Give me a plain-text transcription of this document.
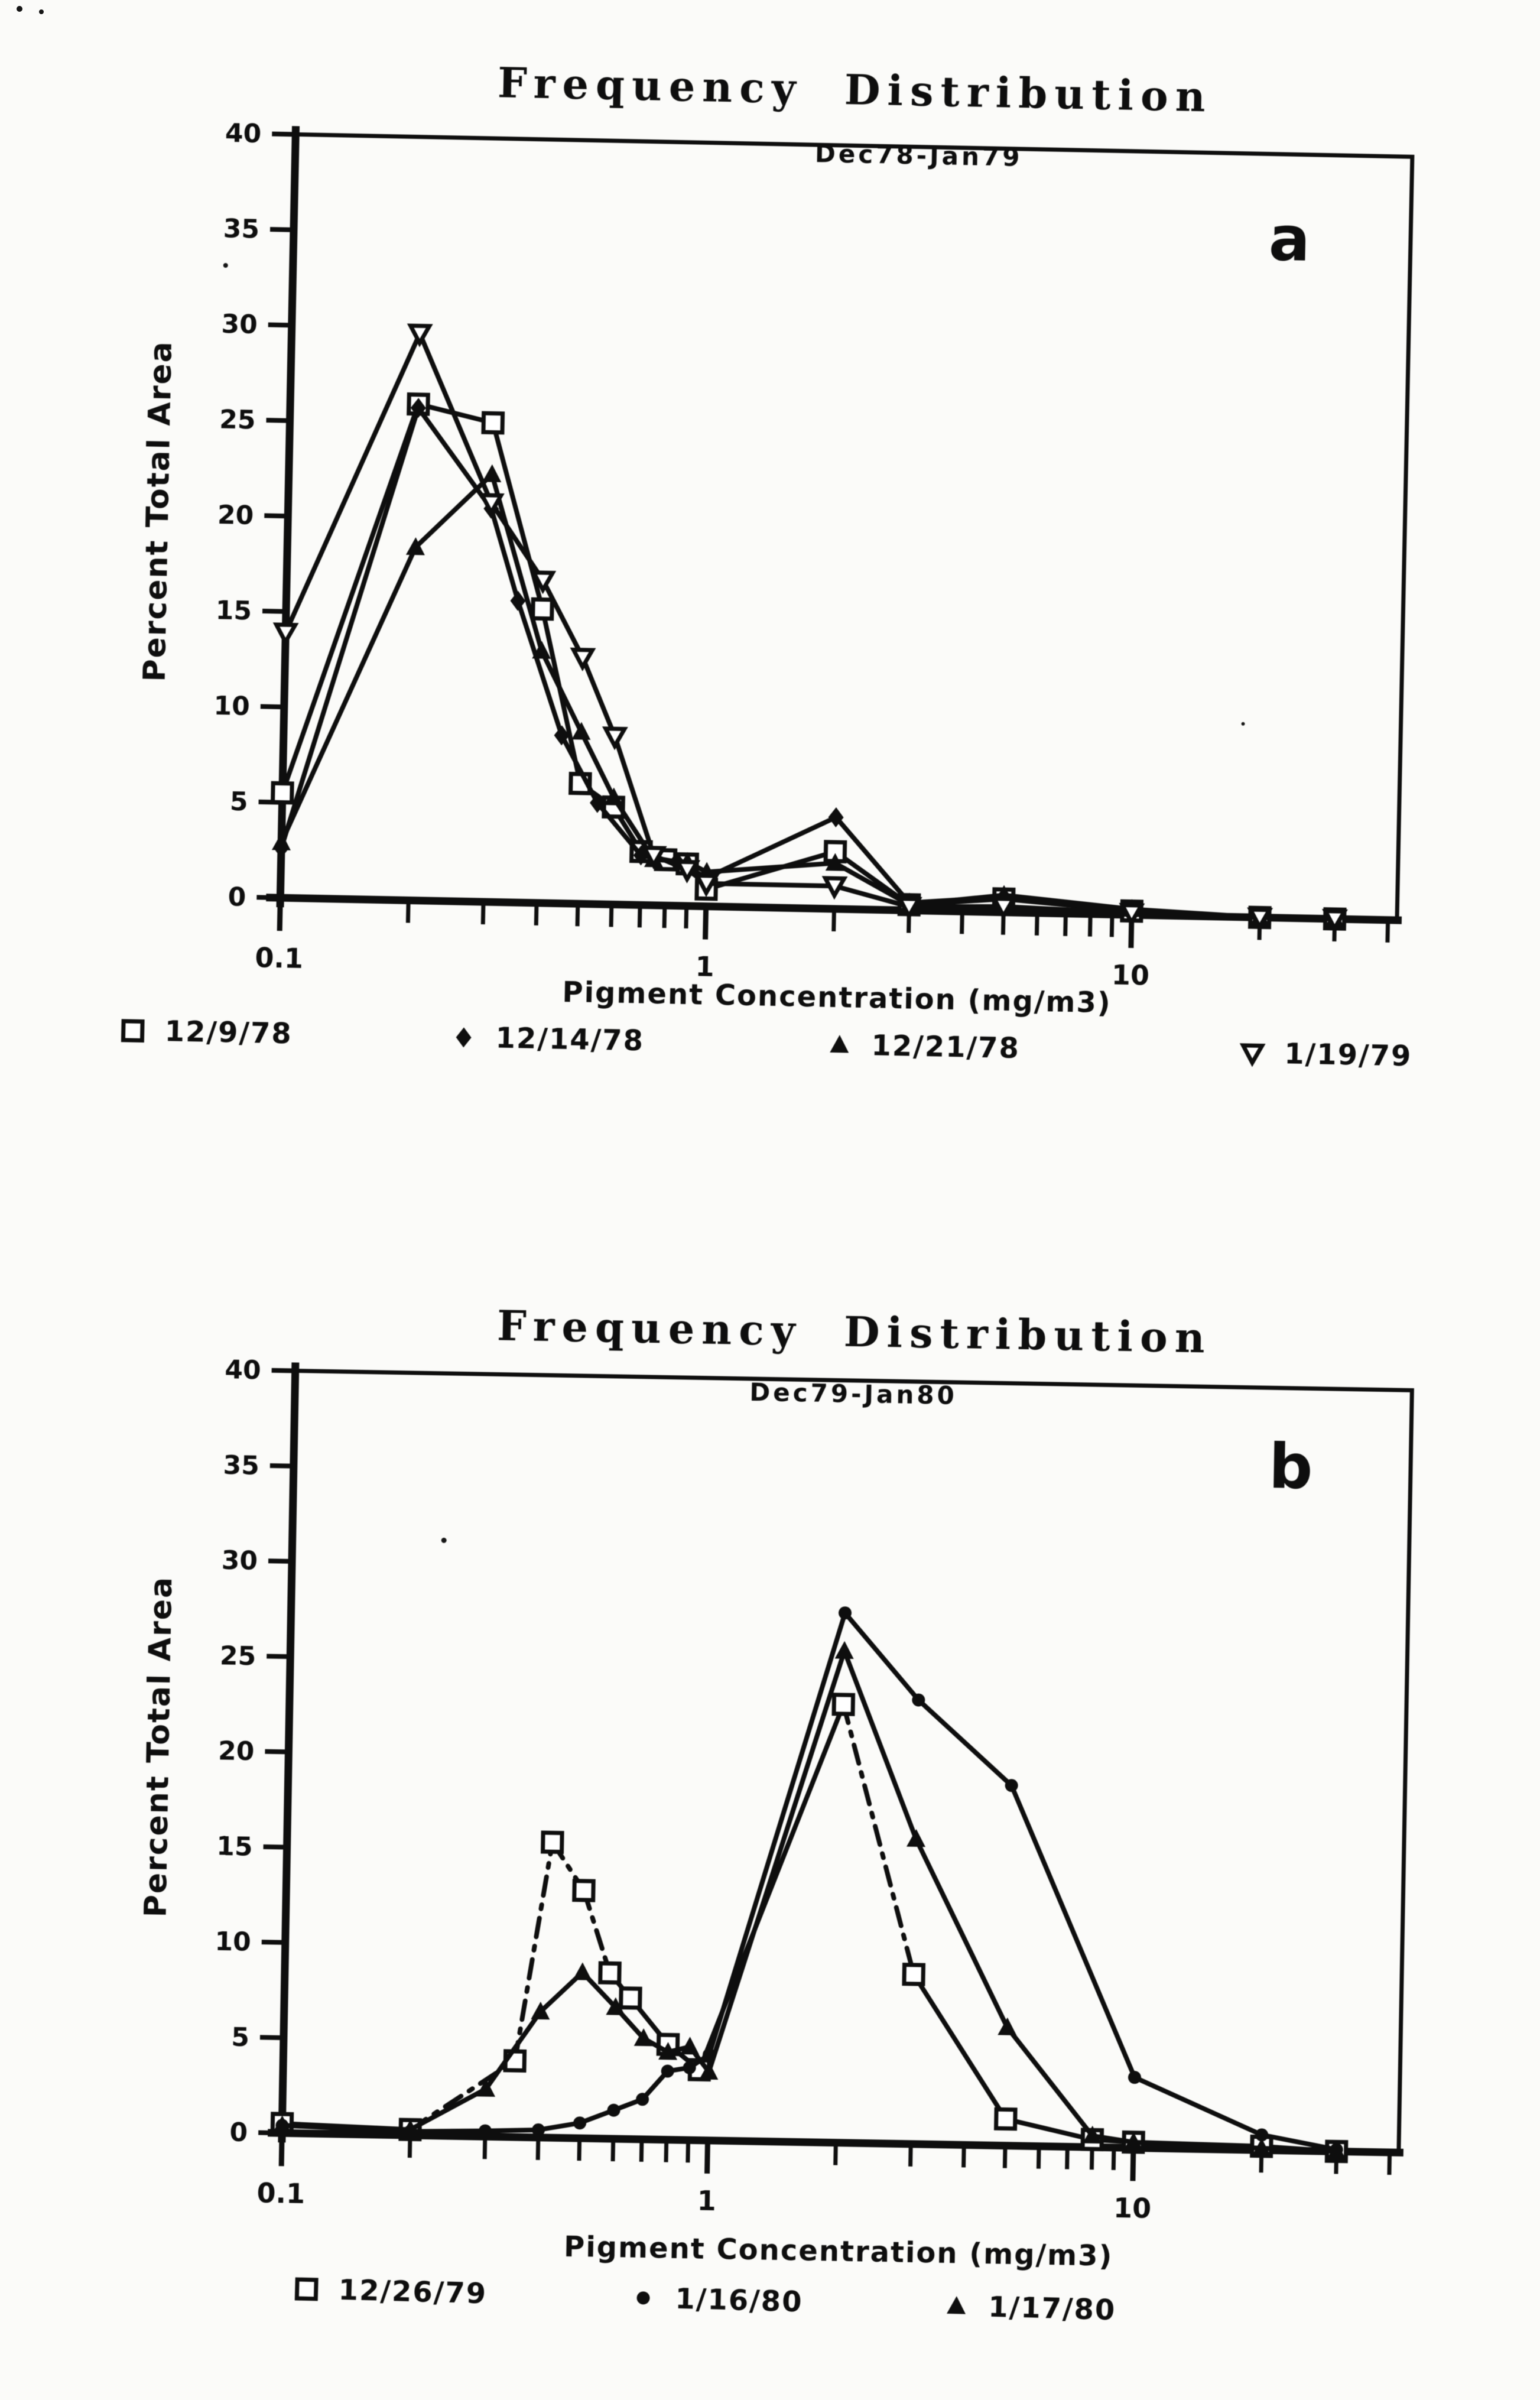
Frequency Distribution
Dec78-Jan79
a
Percent Total Area
40
35
30
25
20
15
10
5
0
0.1	1	10
Pigment Concentration (mg/m3)
12/9/78	12/14/78	12/21/78	1/19/79
Frequency Distribution
Dec79-Jan80
b
Percent Total Area
40
35
30
25
20
15
10
5
0
0.1	1	10
Pigment Concentration (mg/m3)
12/26/79	1/16/80	1/17/80
